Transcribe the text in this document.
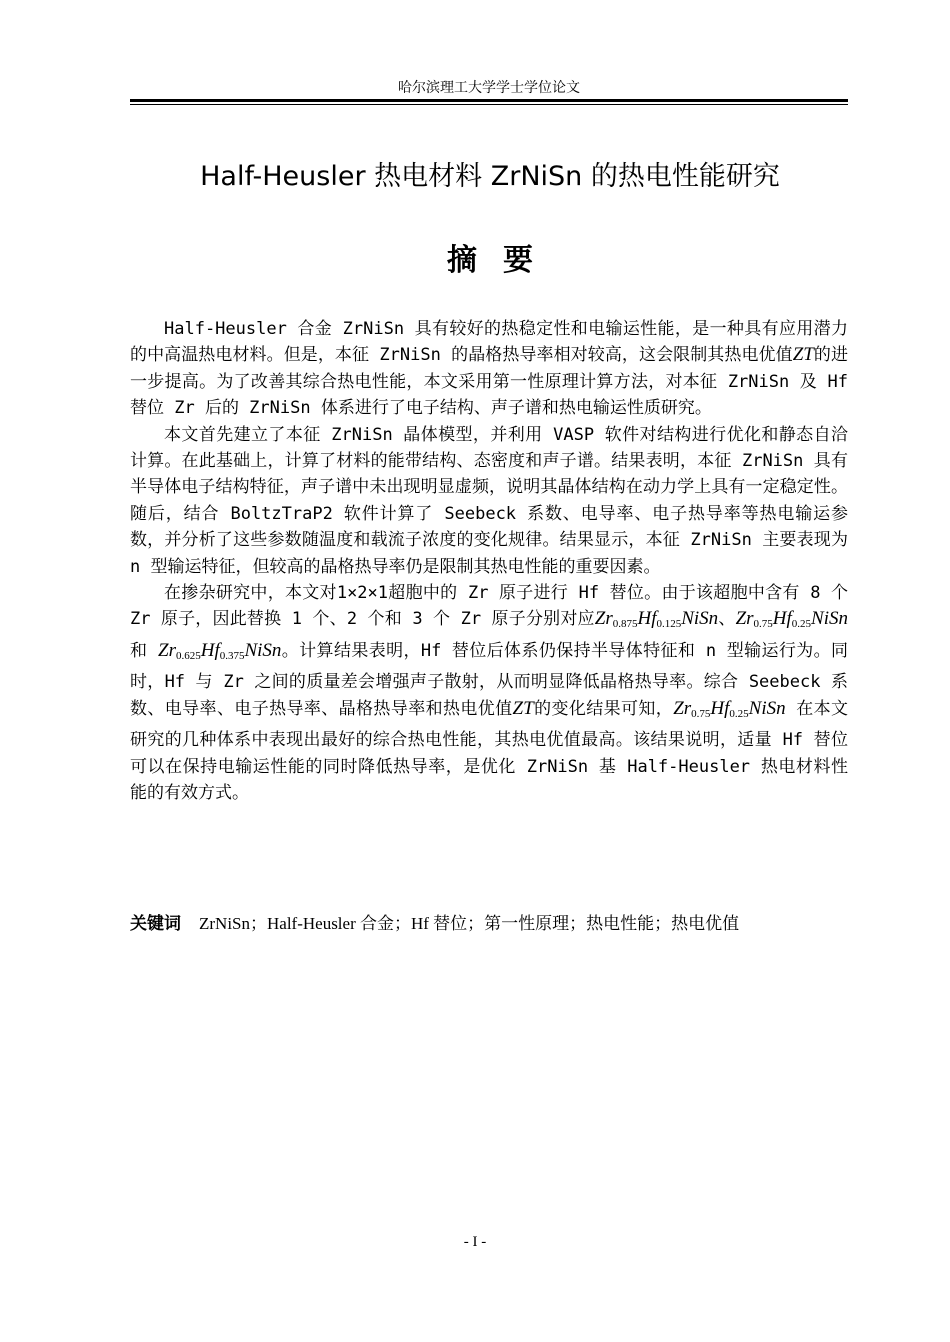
哈尔滨理工大学学士学位论文
Half-Heusler 热电材料 ZrNiSn 的热电性能研究
摘要

Half-Heusler 合金 ZrNiSn 具有较好的热稳定性和电输运性能，是一种具有应用潜力的中高温热电材料。但是，本征 ZrNiSn 的晶格热导率相对较高，这会限制其热电优值ZT的进一步提高。为了改善其综合热电性能，本文采用第一性原理计算方法，对本征 ZrNiSn 及 Hf 替位 Zr 后的 ZrNiSn 体系进行了电子结构、声子谱和热电输运性质研究。

本文首先建立了本征 ZrNiSn 晶体模型，并利用 VASP 软件对结构进行优化和静态自洽计算。在此基础上，计算了材料的能带结构、态密度和声子谱。结果表明，本征 ZrNiSn 具有半导体电子结构特征，声子谱中未出现明显虚频，说明其晶体结构在动力学上具有一定稳定性。随后，结合 BoltzTraP2 软件计算了 Seebeck 系数、电导率、电子热导率等热电输运参数，并分析了这些参数随温度和载流子浓度的变化规律。结果显示，本征 ZrNiSn 主要表现为 n 型输运特征，但较高的晶格热导率仍是限制其热电性能的重要因素。

在掺杂研究中，本文对1×2×1超胞中的 Zr 原子进行 Hf 替位。由于该超胞中含有 8 个 Zr 原子，因此替换 1 个、2 个和 3 个 Zr 原子分别对应$Zr_{0.875}Hf_{0.125}NiSn$、$Zr_{0.75}Hf_{0.25}NiSn$ 和 $Zr_{0.625}Hf_{0.375}NiSn$。计算结果表明，Hf 替位后体系仍保持半导体特征和 n 型输运行为。同时，Hf 与 Zr 之间的质量差会增强声子散射，从而明显降低晶格热导率。综合 Seebeck 系数、电导率、电子热导率、晶格热导率和热电优值ZT的变化结果可知，$Zr_{0.75}Hf_{0.25}NiSn$ 在本文研究的几种体系中表现出最好的综合热电性能，其热电优值最高。该结果说明，适量 Hf 替位可以在保持电输运性能的同时降低热导率，是优化 ZrNiSn 基 Half-Heusler 热电材料性能的有效方式。

关键词 ZrNiSn；Half-Heusler 合金；Hf 替位；第一性原理；热电性能；热电优值
- I -
